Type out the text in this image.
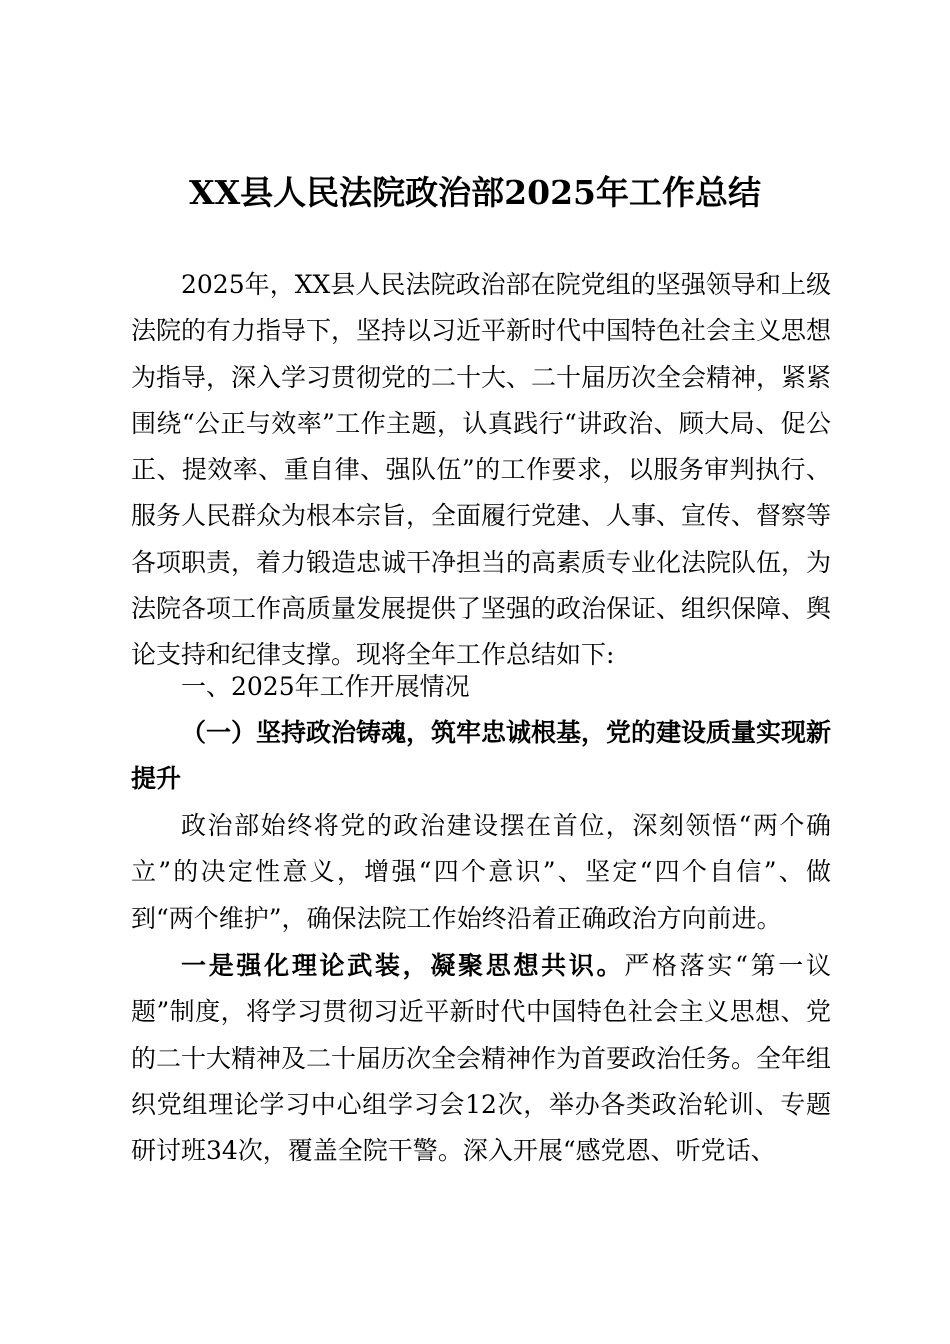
XX县人民法院政治部2025年工作总结

2025年，XX县人民法院政治部在院党组的坚强领导和上级法院的有力指导下，坚持以习近平新时代中国特色社会主义思想为指导，深入学习贯彻党的二十大、二十届历次全会精神，紧紧围绕“公正与效率”工作主题，认真践行“讲政治、顾大局、促公正、提效率、重自律、强队伍”的工作要求，以服务审判执行、服务人民群众为根本宗旨，全面履行党建、人事、宣传、督察等各项职责，着力锻造忠诚干净担当的高素质专业化法院队伍，为法院各项工作高质量发展提供了坚强的政治保证、组织保障、舆论支持和纪律支撑。现将全年工作总结如下:

一、2025年工作开展情况

（一）坚持政治铸魂，筑牢忠诚根基，党的建设质量实现新提升

政治部始终将党的政治建设摆在首位，深刻领悟“两个确立”的决定性意义，增强“四个意识”、坚定“四个自信”、做到“两个维护”，确保法院工作始终沿着正确政治方向前进。

一是强化理论武装，凝聚思想共识。严格落实“第一议题”制度，将学习贯彻习近平新时代中国特色社会主义思想、党的二十大精神及二十届历次全会精神作为首要政治任务。全年组织党组理论学习中心组学习会12次，举办各类政治轮训、专题研讨班34次，覆盖全院干警。深入开展“感党恩、听党话、
